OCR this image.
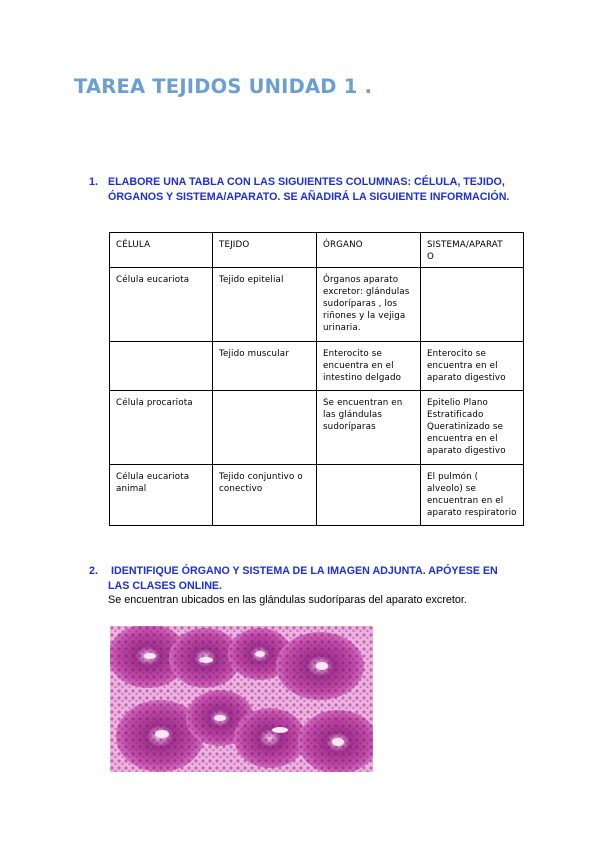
TAREA TEJIDOS UNIDAD 1 .
1. ELABORE UNA TABLA CON LAS SIGUIENTES COLUMNAS: CÉLULA, TEJIDO,
ÓRGANOS Y SISTEMA/APARATO. SE AÑADIRÁ LA SIGUIENTE INFORMACIÓN.
CÉLULA	TEJIDO	ÓRGANO	SISTEMA/APARAT
O
Célula eucariota	Tejido epitelial	Órganos aparato
excretor: glándulas
sudoríparas , los
riñones y la vejiga
urinaria.	
	Tejido muscular	Enterocito se
encuentra en el
intestino delgado	Enterocito se
encuentra en el
aparato digestivo
Célula procariota		Se encuentran en
las glándulas
sudoríparas	Epitelio Plano
Estratificado
Queratinizado se
encuentra en el
aparato digestivo
Célula eucariota
animal	Tejido conjuntivo o
conectivo		El pulmón (
alveolo) se
encuentran en el
aparato respiratorio
2. IDENTIFIQUE ÓRGANO Y SISTEMA DE LA IMAGEN ADJUNTA. APÓYESE EN
LAS CLASES ONLINE.
Se encuentran ubicados en las glándulas sudoríparas del aparato excretor.
